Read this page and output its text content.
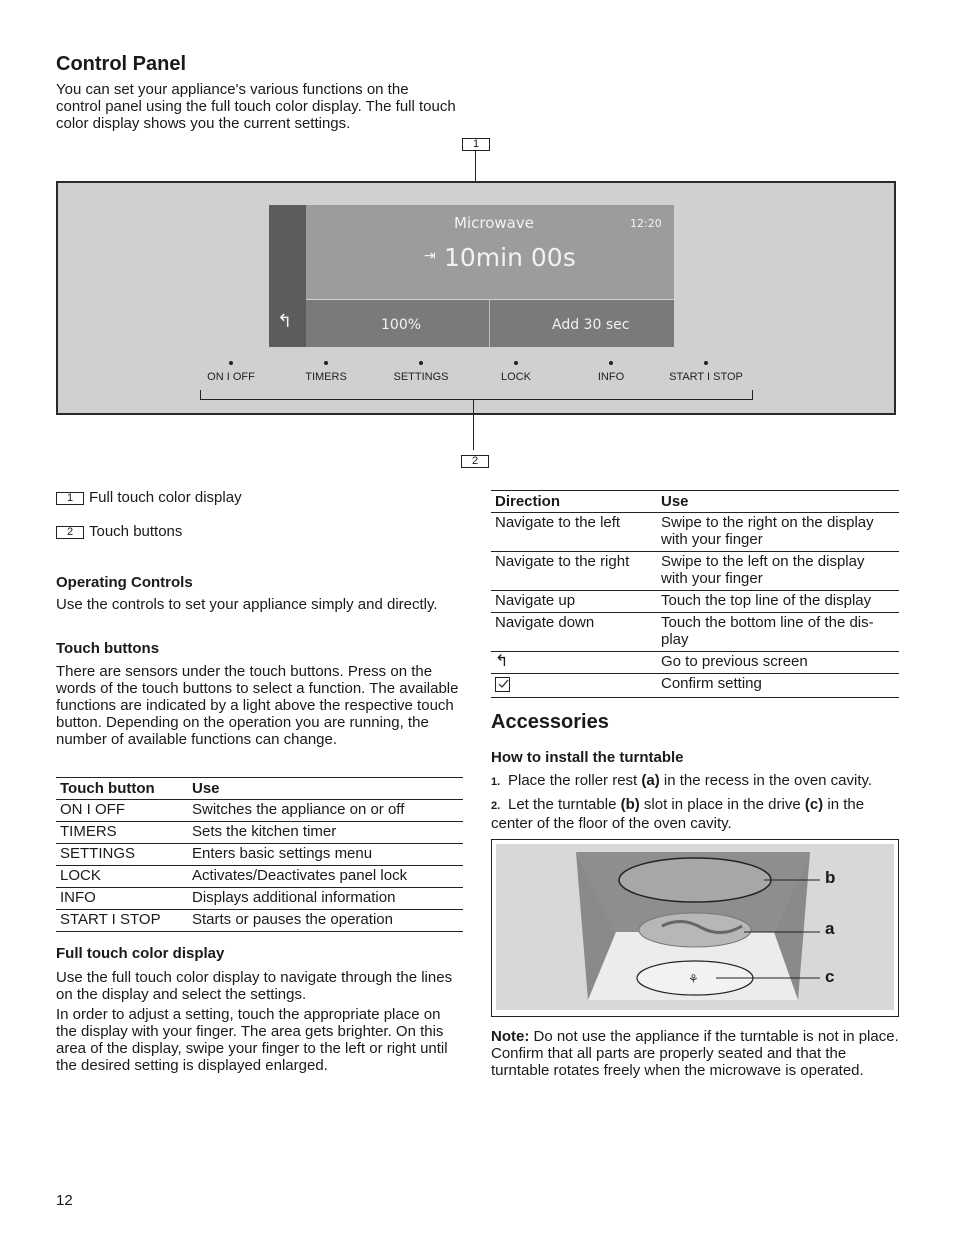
Control Panel

You can set your appliance's various functions on the control panel using the full touch color display. The full touch color display shows you the current settings.

1
Microwave	12:20
⇥ 10min 00s
↰	100%	Add 30 sec
ON I OFF	TIMERS	SETTINGS	LOCK	INFO	START I STOP
2
1 Full touch color display
2 Touch buttons
Operating Controls

Use the controls to set your appliance simply and directly.

Touch buttons

There are sensors under the touch buttons. Press on the words of the touch buttons to select a function. The available functions are indicated by a light above the respective touch button. Depending on the operation you are running, the number of available functions can change.

Touch button	Use
ON I OFF	Switches the appliance on or off
TIMERS	Sets the kitchen timer
SETTINGS	Enters basic settings menu
LOCK	Activates/Deactivates panel lock
INFO	Displays additional information
START I STOP	Starts or pauses the operation
Full touch color display

Use the full touch color display to navigate through the lines on the display and select the settings.

In order to adjust a setting, touch the appropriate place on the display with your finger. The area gets brighter. On this area of the display, swipe your finger to the left or right until the desired setting is displayed enlarged.

Direction	Use
Navigate to the left	Swipe to the right on the display with your finger
Navigate to the right	Swipe to the left on the display with your finger
Navigate up	Touch the top line of the display
Navigate down	Touch the bottom line of the dis-play
↰	Go to previous screen

	Confirm setting
Accessories
How to install the turntable
1. Place the roller rest (a) in the recess in the oven cavity.
2. Let the turntable (b) slot in place in the drive (c) in the center of the floor of the oven cavity.
⚘
b
a
c

Note: Do not use the appliance if the turntable is not in place. Confirm that all parts are properly seated and that the turntable rotates freely when the microwave is operated.

12
